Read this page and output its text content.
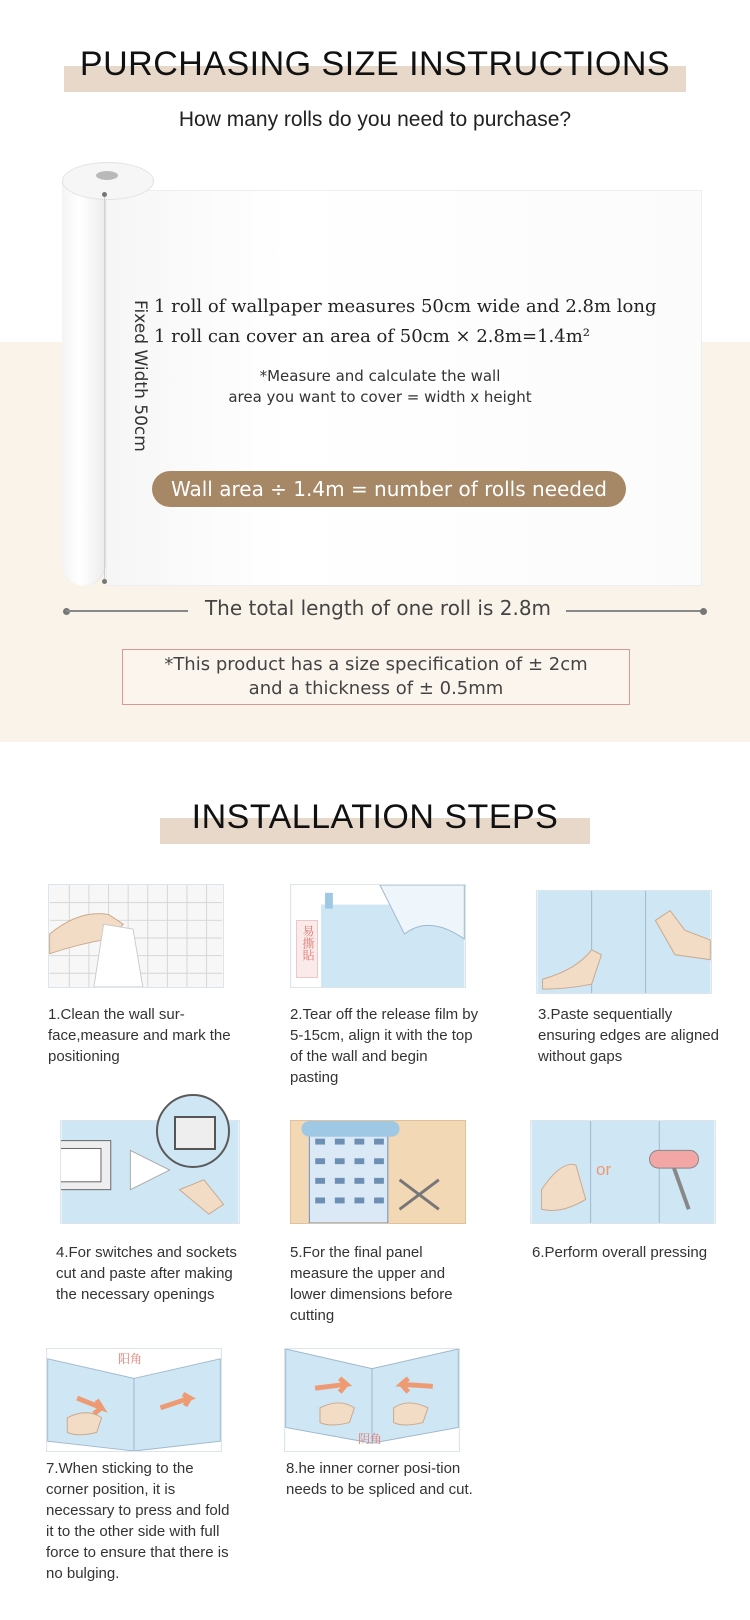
PURCHASING SIZE INSTRUCTIONS
How many rolls do you need to purchase?
Fixed Width 50cm 1 roll of wallpaper measures 50cm wide and 2.8m long
1 roll can cover an area of 50cm × 2.8m=1.4m²
*Measure and calculate the wall
area you want to cover = width x height
Wall area ÷ 1.4m = number of rolls needed
The total length of one roll is 2.8m
*This product has a size specification of ± 2cm
and a thickness of ± 0.5mm
INSTALLATION STEPS
1.Clean the wall sur-face,measure and mark the positioning
易撕貼
2.Tear off the release film by 5-15cm, align it with the top of the wall and begin pasting
3.Paste sequentially ensuring edges are aligned without gaps
4.For switches and sockets cut and paste after making the necessary openings
5.For the final panel measure the upper and lower dimensions before cutting
or
6.Perform overall pressing
阳角
7.When sticking to the corner position, it is necessary to press and fold it to the other side with full force to ensure that there is no bulging.
阴角
8.he inner corner posi-tion needs to be spliced and cut.
